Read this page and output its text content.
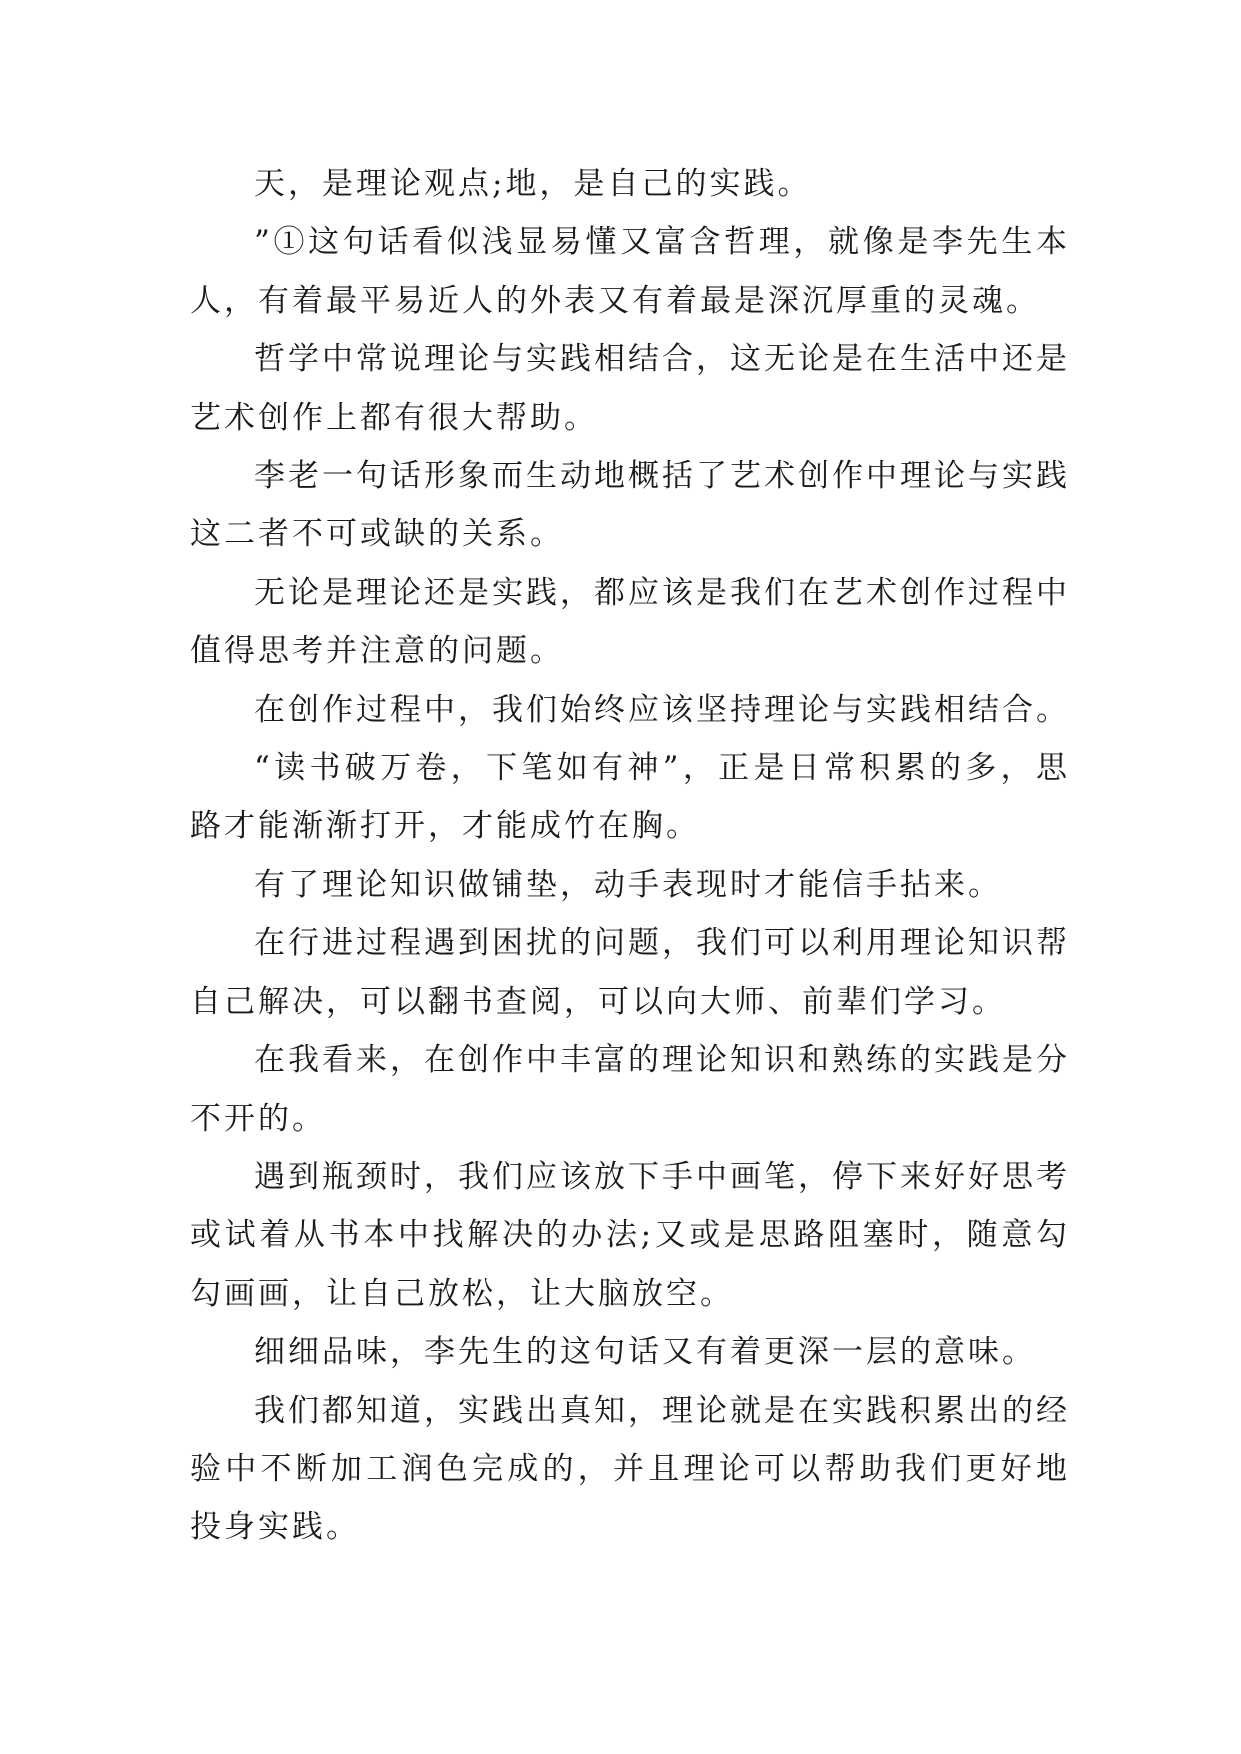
天，是理论观点;地，是自己的实践。

”①这句话看似浅显易懂又富含哲理，就像是李先生本人，有着最平易近人的外表又有着最是深沉厚重的灵魂。

哲学中常说理论与实践相结合，这无论是在生活中还是艺术创作上都有很大帮助。

李老一句话形象而生动地概括了艺术创作中理论与实践这二者不可或缺的关系。

无论是理论还是实践，都应该是我们在艺术创作过程中值得思考并注意的问题。

在创作过程中，我们始终应该坚持理论与实践相结合。

“读书破万卷，下笔如有神”，正是日常积累的多，思路才能渐渐打开，才能成竹在胸。

有了理论知识做铺垫，动手表现时才能信手拈来。

在行进过程遇到困扰的问题，我们可以利用理论知识帮自己解决，可以翻书查阅，可以向大师、前辈们学习。

在我看来，在创作中丰富的理论知识和熟练的实践是分不开的。

遇到瓶颈时，我们应该放下手中画笔，停下来好好思考或试着从书本中找解决的办法;又或是思路阻塞时，随意勾勾画画，让自己放松，让大脑放空。

细细品味，李先生的这句话又有着更深一层的意味。

我们都知道，实践出真知，理论就是在实践积累出的经验中不断加工润色完成的，并且理论可以帮助我们更好地投身实践。
